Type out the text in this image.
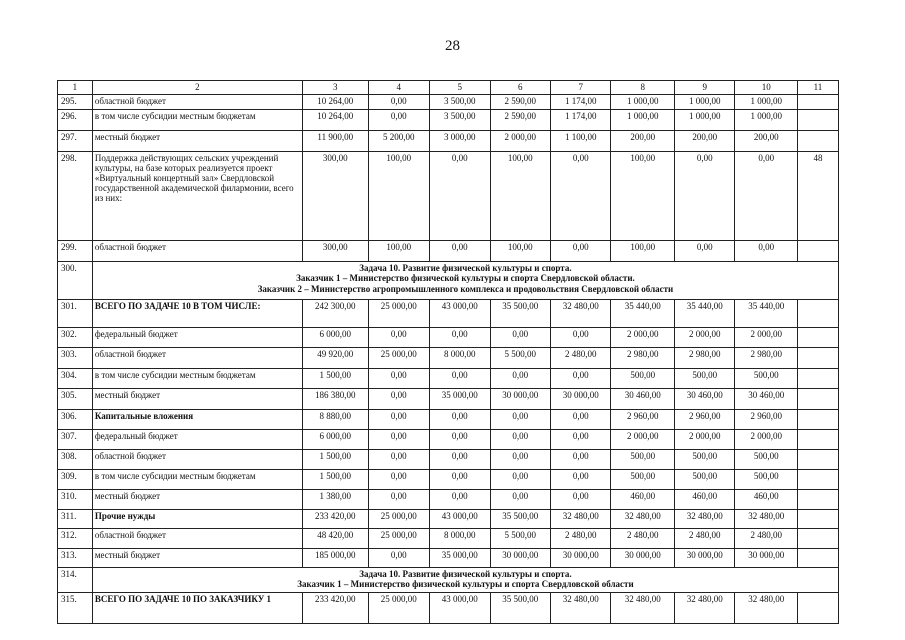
28
1	2	3	4	5	6	7	8	9	10	11
295.	областной бюджет	10 264,00	0,00	3 500,00	2 590,00	1 174,00	1 000,00	1 000,00	1 000,00	
296.	в том числе субсидии местным бюджетам	10 264,00	0,00	3 500,00	2 590,00	1 174,00	1 000,00	1 000,00	1 000,00	
297.	местный бюджет	11 900,00	5 200,00	3 000,00	2 000,00	1 100,00	200,00	200,00	200,00	
298.	Поддержка действующих сельских учреждений культуры, на базе которых реализуется проект «Виртуальный концертный зал» Свердловской государственной академической филармонии, всего из них:	300,00	100,00	0,00	100,00	0,00	100,00	0,00	0,00	48
299.	областной бюджет	300,00	100,00	0,00	100,00	0,00	100,00	0,00	0,00	
300.	Задача 10. Развитие физической культуры и спорта.
Заказчик 1 – Министерство физической культуры и спорта Свердловской области.
Заказчик 2 – Министерство агропромышленного комплекса и продовольствия Свердловской области									

301.	ВСЕГО ПО ЗАДАЧЕ 10 В ТОМ ЧИСЛЕ:	242 300,00	25 000,00	43 000,00	35 500,00	32 480,00	35 440,00	35 440,00	35 440,00	
302.	федеральный бюджет	6 000,00	0,00	0,00	0,00	0,00	2 000,00	2 000,00	2 000,00	
303.	областной бюджет	49 920,00	25 000,00	8 000,00	5 500,00	2 480,00	2 980,00	2 980,00	2 980,00	
304.	в том числе субсидии местным бюджетам	1 500,00	0,00	0,00	0,00	0,00	500,00	500,00	500,00	
305.	местный бюджет	186 380,00	0,00	35 000,00	30 000,00	30 000,00	30 460,00	30 460,00	30 460,00	
306.	Капитальные вложения	8 880,00	0,00	0,00	0,00	0,00	2 960,00	2 960,00	2 960,00	
307.	федеральный бюджет	6 000,00	0,00	0,00	0,00	0,00	2 000,00	2 000,00	2 000,00	
308.	областной бюджет	1 500,00	0,00	0,00	0,00	0,00	500,00	500,00	500,00	
309.	в том числе субсидии местным бюджетам	1 500,00	0,00	0,00	0,00	0,00	500,00	500,00	500,00	
310.	местный бюджет	1 380,00	0,00	0,00	0,00	0,00	460,00	460,00	460,00	
311.	Прочие нужды	233 420,00	25 000,00	43 000,00	35 500,00	32 480,00	32 480,00	32 480,00	32 480,00	
312.	областной бюджет	48 420,00	25 000,00	8 000,00	5 500,00	2 480,00	2 480,00	2 480,00	2 480,00	
313.	местный бюджет	185 000,00	0,00	35 000,00	30 000,00	30 000,00	30 000,00	30 000,00	30 000,00	
314.	Задача 10. Развитие физической культуры и спорта.
Заказчик 1 – Министерство физической культуры и спорта Свердловской области									

315.	ВСЕГО ПО ЗАДАЧЕ 10 ПО ЗАКАЗЧИКУ 1	233 420,00	25 000,00	43 000,00	35 500,00	32 480,00	32 480,00	32 480,00	32 480,00	
